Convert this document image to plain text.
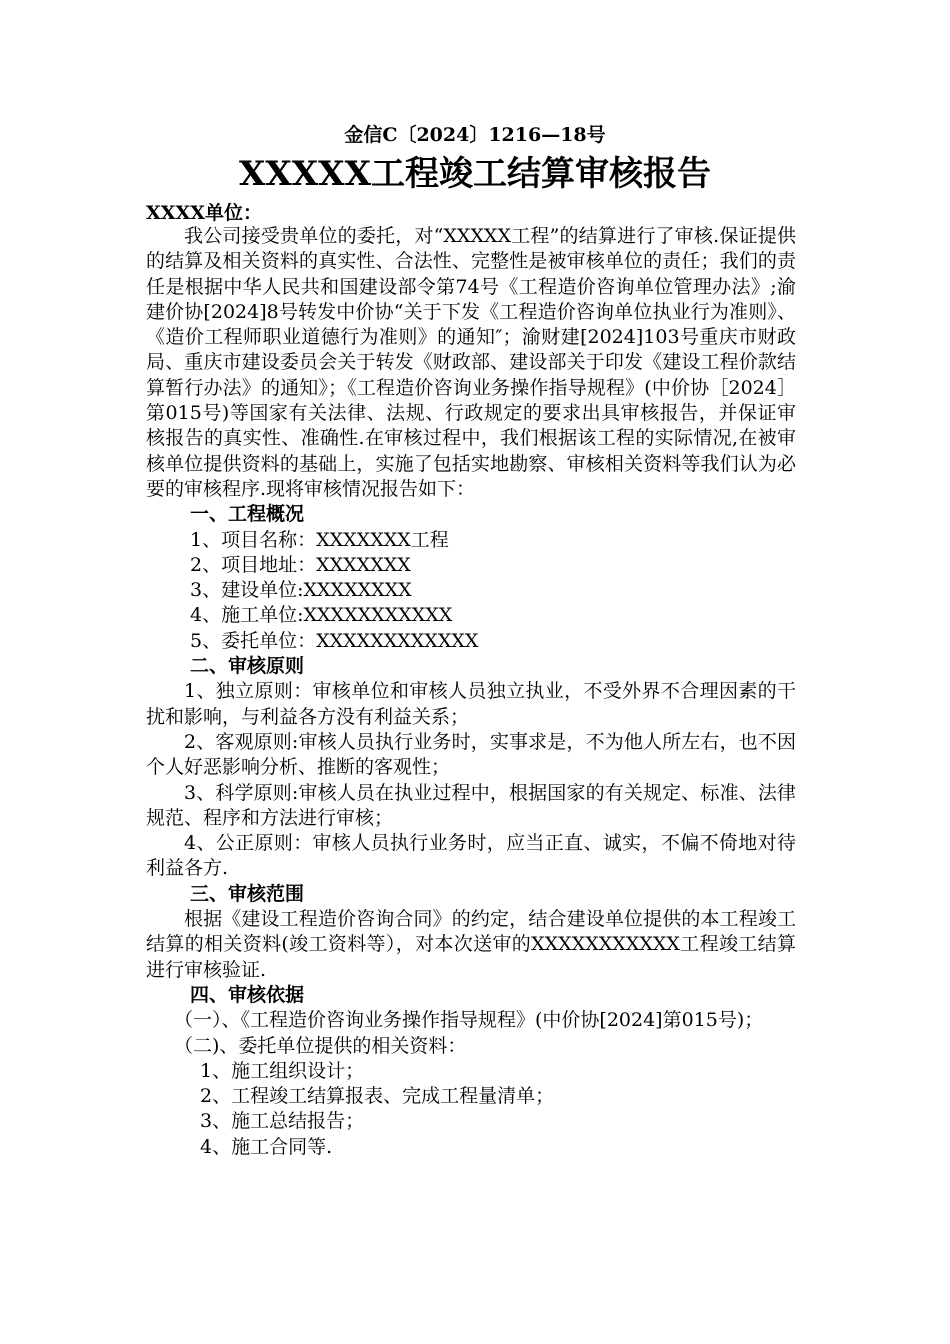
金信C〔2024〕1216—18号
XXXXX工程竣工结算审核报告
XXXX单位：

我公司接受贵单位的委托，对“XXXXX工程”的结算进行了审核.保证提供的结算及相关资料的真实性、合法性、完整性是被审核单位的责任；我们的责任是根据中华人民共和国建设部令第74号《工程造价咨询单位管理办法》;渝建价协[2024]8号转发中价协“关于下发《工程造价咨询单位执业行为准则》、《造价工程师职业道德行为准则》的通知″；渝财建[2024]103号重庆市财政局、重庆市建设委员会关于转发《财政部、建设部关于印发《建设工程价款结算暂行办法》的通知》；《工程造价咨询业务操作指导规程》(中价协［2024］第015号)等国家有关法律、法规、行政规定的要求出具审核报告，并保证审核报告的真实性、准确性.在审核过程中，我们根据该工程的实际情况,在被审核单位提供资料的基础上，实施了包括实地勘察、审核相关资料等我们认为必要的审核程序.现将审核情况报告如下：

一、工程概况

1、项目名称：XXXXXXX工程

2、项目地址：XXXXXXX

3、建设单位:XXXXXXXX

4、施工单位:XXXXXXXXXXX

5、委托单位：XXXXXXXXXXXX

二、审核原则

1、独立原则：审核单位和审核人员独立执业，不受外界不合理因素的干扰和影响，与利益各方没有利益关系；

2、客观原则:审核人员执行业务时，实事求是，不为他人所左右，也不因个人好恶影响分析、推断的客观性；

3、科学原则:审核人员在执业过程中，根据国家的有关规定、标准、法律规范、程序和方法进行审核；

4、公正原则：审核人员执行业务时，应当正直、诚实，不偏不倚地对待利益各方.

三、审核范围

根据《建设工程造价咨询合同》的约定，结合建设单位提供的本工程竣工结算的相关资料(竣工资料等），对本次送审的XXXXXXXXXXX工程竣工结算进行审核验证.

四、审核依据

（一）、《工程造价咨询业务操作指导规程》(中价协[2024]第015号)；

（二)、委托单位提供的相关资料：

1、施工组织设计；

2、工程竣工结算报表、完成工程量清单；

3、施工总结报告；

4、施工合同等.
